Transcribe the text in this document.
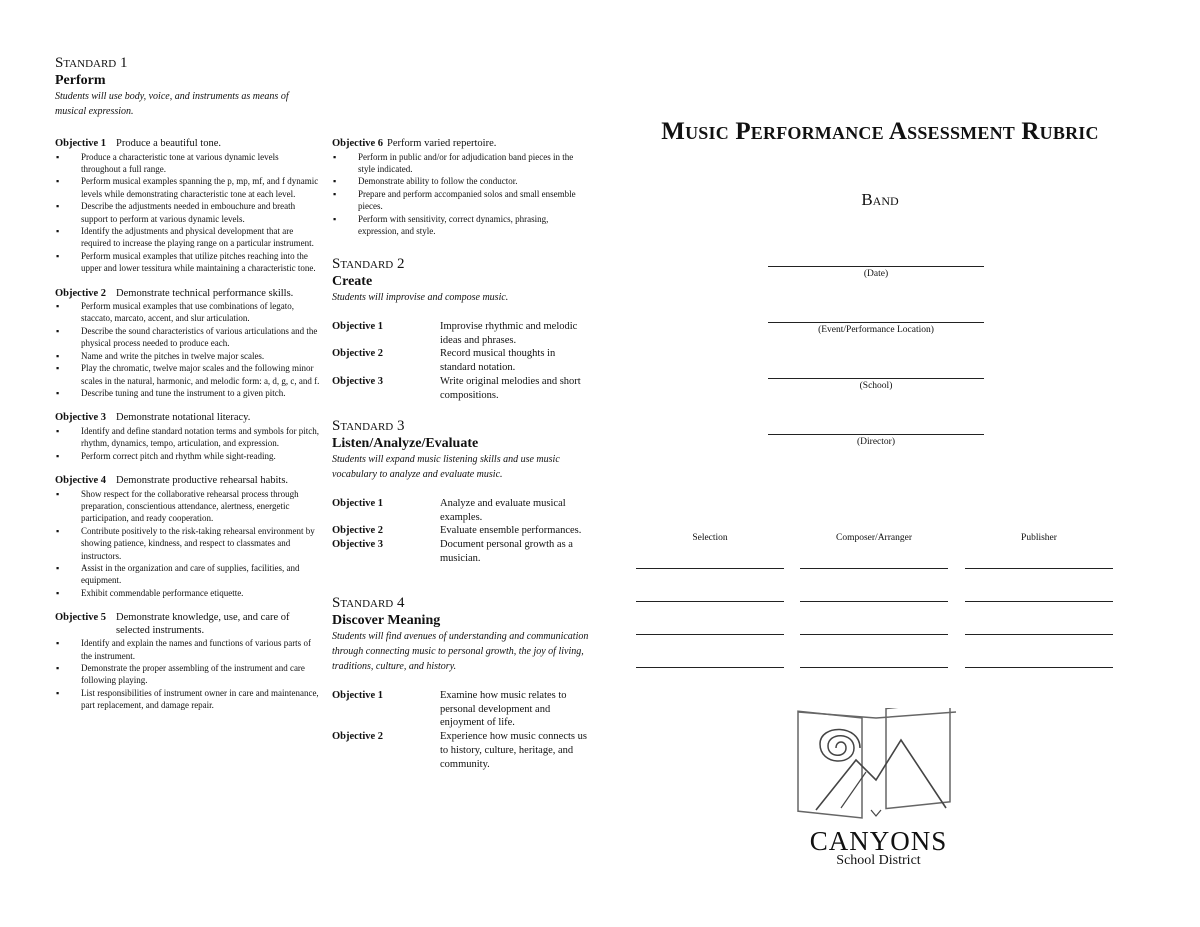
Standard 1

Perform

Students will use body, voice, and instruments as means of musical expression.

Objective 1 Produce a beautiful tone.
▪ Produce a characteristic tone at various dynamic levels throughout a full range.
▪ Perform musical examples spanning the p, mp, mf, and f dynamic levels while demonstrating characteristic tone at each level.
▪ Describe the adjustments needed in embouchure and breath support to perform at various dynamic levels.
▪ Identify the adjustments and physical development that are required to increase the playing range on a particular instrument.
▪ Perform musical examples that utilize pitches reaching into the upper and lower tessitura while maintaining a characteristic tone.
Objective 2 Demonstrate technical performance skills.
▪ Perform musical examples that use combinations of legato, staccato, marcato, accent, and slur articulation.
▪ Describe the sound characteristics of various articulations and the physical process needed to produce each.
▪ Name and write the pitches in twelve major scales.
▪ Play the chromatic, twelve major scales and the following minor scales in the natural, harmonic, and melodic form: a, d, g, c, and f.
▪ Describe tuning and tune the instrument to a given pitch.
Objective 3 Demonstrate notational literacy.
▪ Identify and define standard notation terms and symbols for pitch, rhythm, dynamics, tempo, articulation, and expression.
▪ Perform correct pitch and rhythm while sight-reading.
Objective 4 Demonstrate productive rehearsal habits.
▪ Show respect for the collaborative rehearsal process through preparation, conscientious attendance, alertness, energetic participation, and ready cooperation.
▪ Contribute positively to the risk-taking rehearsal environment by showing patience, kindness, and respect to classmates and instructors.
▪ Assist in the organization and care of supplies, facilities, and equipment.
▪ Exhibit commendable performance etiquette.
Objective 5 Demonstrate knowledge, use, and care of selected instruments.
▪ Identify and explain the names and functions of various parts of the instrument.
▪ Demonstrate the proper assembling of the instrument and care following playing.
▪ List responsibilities of instrument owner in care and maintenance, part replacement, and damage repair.
Objective 6 Perform varied repertoire.
▪ Perform in public and/or for adjudication band pieces in the style indicated.
▪ Demonstrate ability to follow the conductor.
▪ Prepare and perform accompanied solos and small ensemble pieces.
▪ Perform with sensitivity, correct dynamics, phrasing, expression, and style.

Standard 2

Create

Students will improvise and compose music.

Objective 1	Improvise rhythmic and melodic ideas and phrases.
Objective 2	Record musical thoughts in standard notation.
Objective 3	Write original melodies and short compositions.

Standard 3

Listen/Analyze/Evaluate

Students will expand music listening skills and use music vocabulary to analyze and evaluate music.

Objective 1	Analyze and evaluate musical examples.
Objective 2	Evaluate ensemble performances.
Objective 3	Document personal growth as a musician.

Standard 4

Discover Meaning

Students will find avenues of understanding and communication through connecting music to personal growth, the joy of living, traditions, culture, and history.

Objective 1	Examine how music relates to personal development and enjoyment of life.
Objective 2	Experience how music connects us to history, culture, heritage, and community.
Music Performance Assessment Rubric
Band
(Date)
(Event/Performance Location)
(School)
(Director)
Selection	Composer/Arranger	Publisher
CANYONS
School District
